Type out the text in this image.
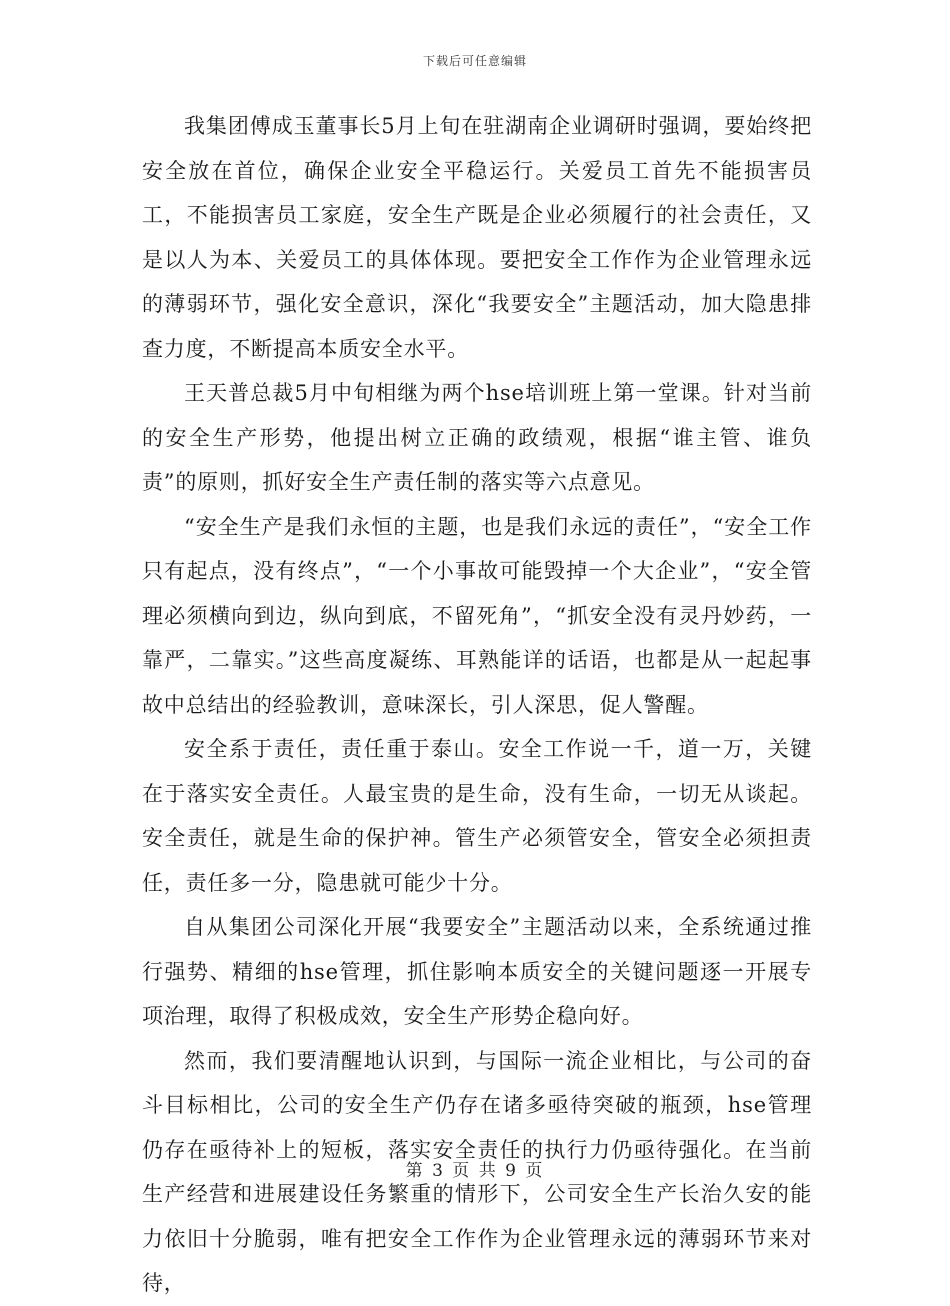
下载后可任意编辑

我集团傅成玉董事长5月上旬在驻湖南企业调研时强调，要始终把安全放在首位，确保企业安全平稳运行。关爱员工首先不能损害员工，不能损害员工家庭，安全生产既是企业必须履行的社会责任，又是以人为本、关爱员工的具体体现。要把安全工作作为企业管理永远的薄弱环节，强化安全意识，深化“我要安全”主题活动，加大隐患排查力度，不断提高本质安全水平。

王天普总裁5月中旬相继为两个hse培训班上第一堂课。针对当前的安全生产形势，他提出树立正确的政绩观，根据“谁主管、谁负责”的原则，抓好安全生产责任制的落实等六点意见。

“安全生产是我们永恒的主题，也是我们永远的责任”，“安全工作只有起点，没有终点”，“一个小事故可能毁掉一个大企业”，“安全管理必须横向到边，纵向到底，不留死角”，“抓安全没有灵丹妙药，一靠严，二靠实。”这些高度凝练、耳熟能详的话语，也都是从一起起事故中总结出的经验教训，意味深长，引人深思，促人警醒。

安全系于责任，责任重于泰山。安全工作说一千，道一万，关键在于落实安全责任。人最宝贵的是生命，没有生命，一切无从谈起。安全责任，就是生命的保护神。管生产必须管安全，管安全必须担责任，责任多一分，隐患就可能少十分。

自从集团公司深化开展“我要安全”主题活动以来，全系统通过推行强势、精细的hse管理，抓住影响本质安全的关键问题逐一开展专项治理，取得了积极成效，安全生产形势企稳向好。

然而，我们要清醒地认识到，与国际一流企业相比，与公司的奋斗目标相比，公司的安全生产仍存在诸多亟待突破的瓶颈，hse管理仍存在亟待补上的短板，落实安全责任的执行力仍亟待强化。在当前生产经营和进展建设任务繁重的情形下，公司安全生产长治久安的能力依旧十分脆弱，唯有把安全工作作为企业管理永远的薄弱环节来对待，

第 3 页 共 9 页
